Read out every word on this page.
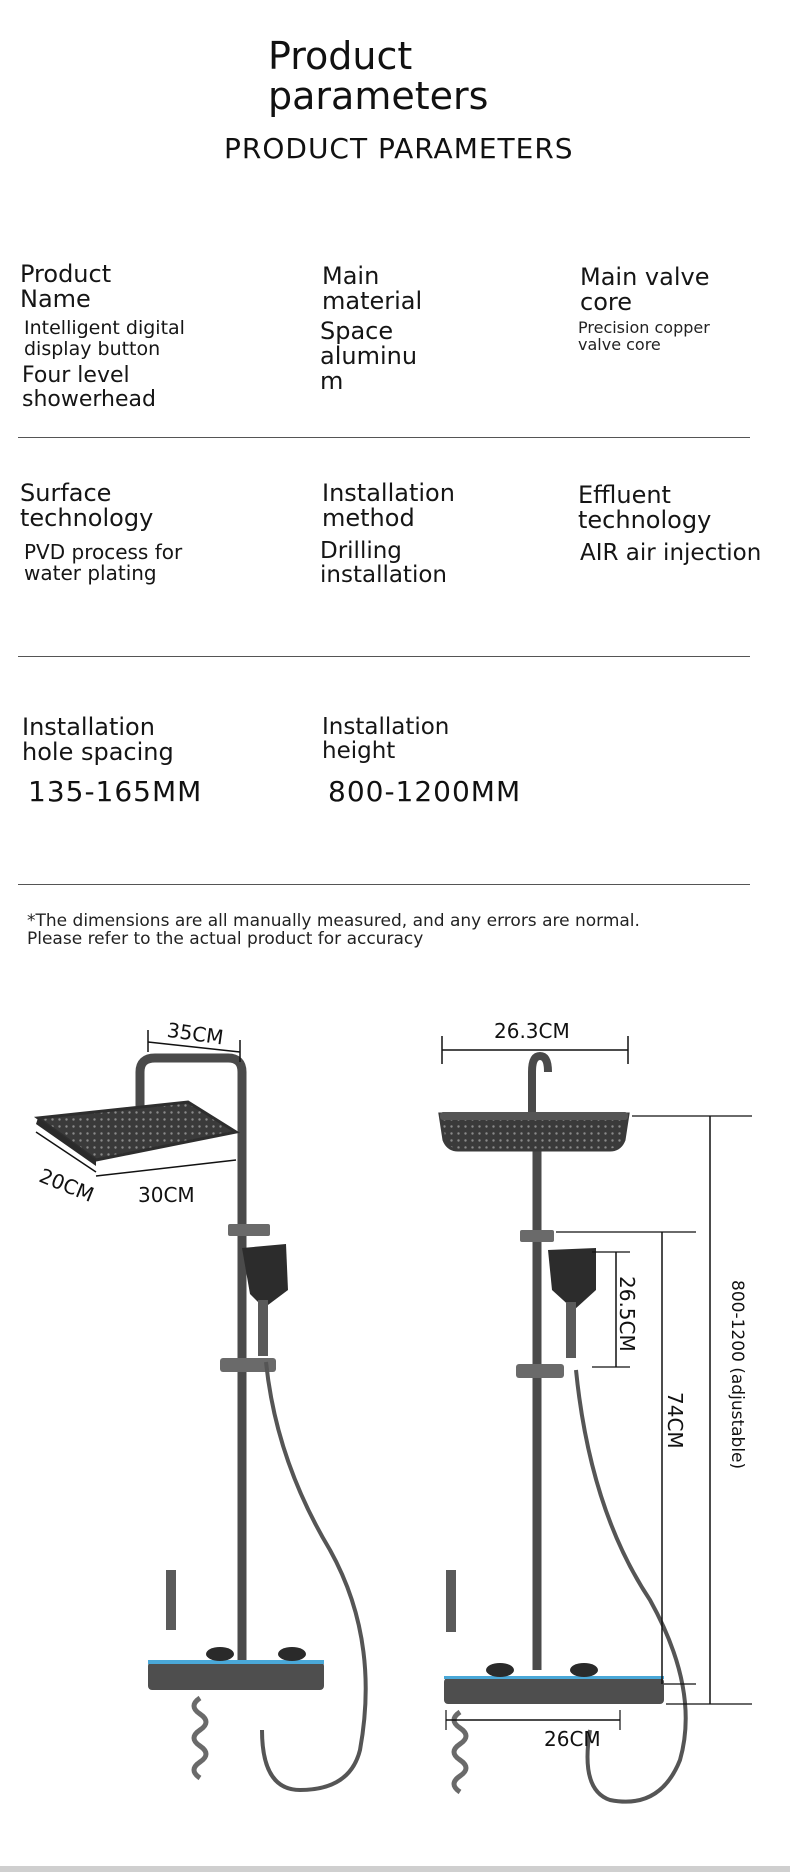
Product
parameters
PRODUCT PARAMETERS
Product
Name
Intelligent digital
display button
Four level
showerhead
Main
material
Space
aluminu
m
Main valve
core
Precision copper
valve core
Surface
technology
PVD process for
water plating
Installation
method
Drilling
installation
Effluent
technology
AIR air injection
Installation
hole spacing
135-165MM
Installation
height
800-1200MM
*The dimensions are all manually measured, and any errors are normal.
Please refer to the actual product for accuracy
35CM
20CM 30CM
26.3CM
26.5CM
74CM 800-1200 (adjustable)
26CM
